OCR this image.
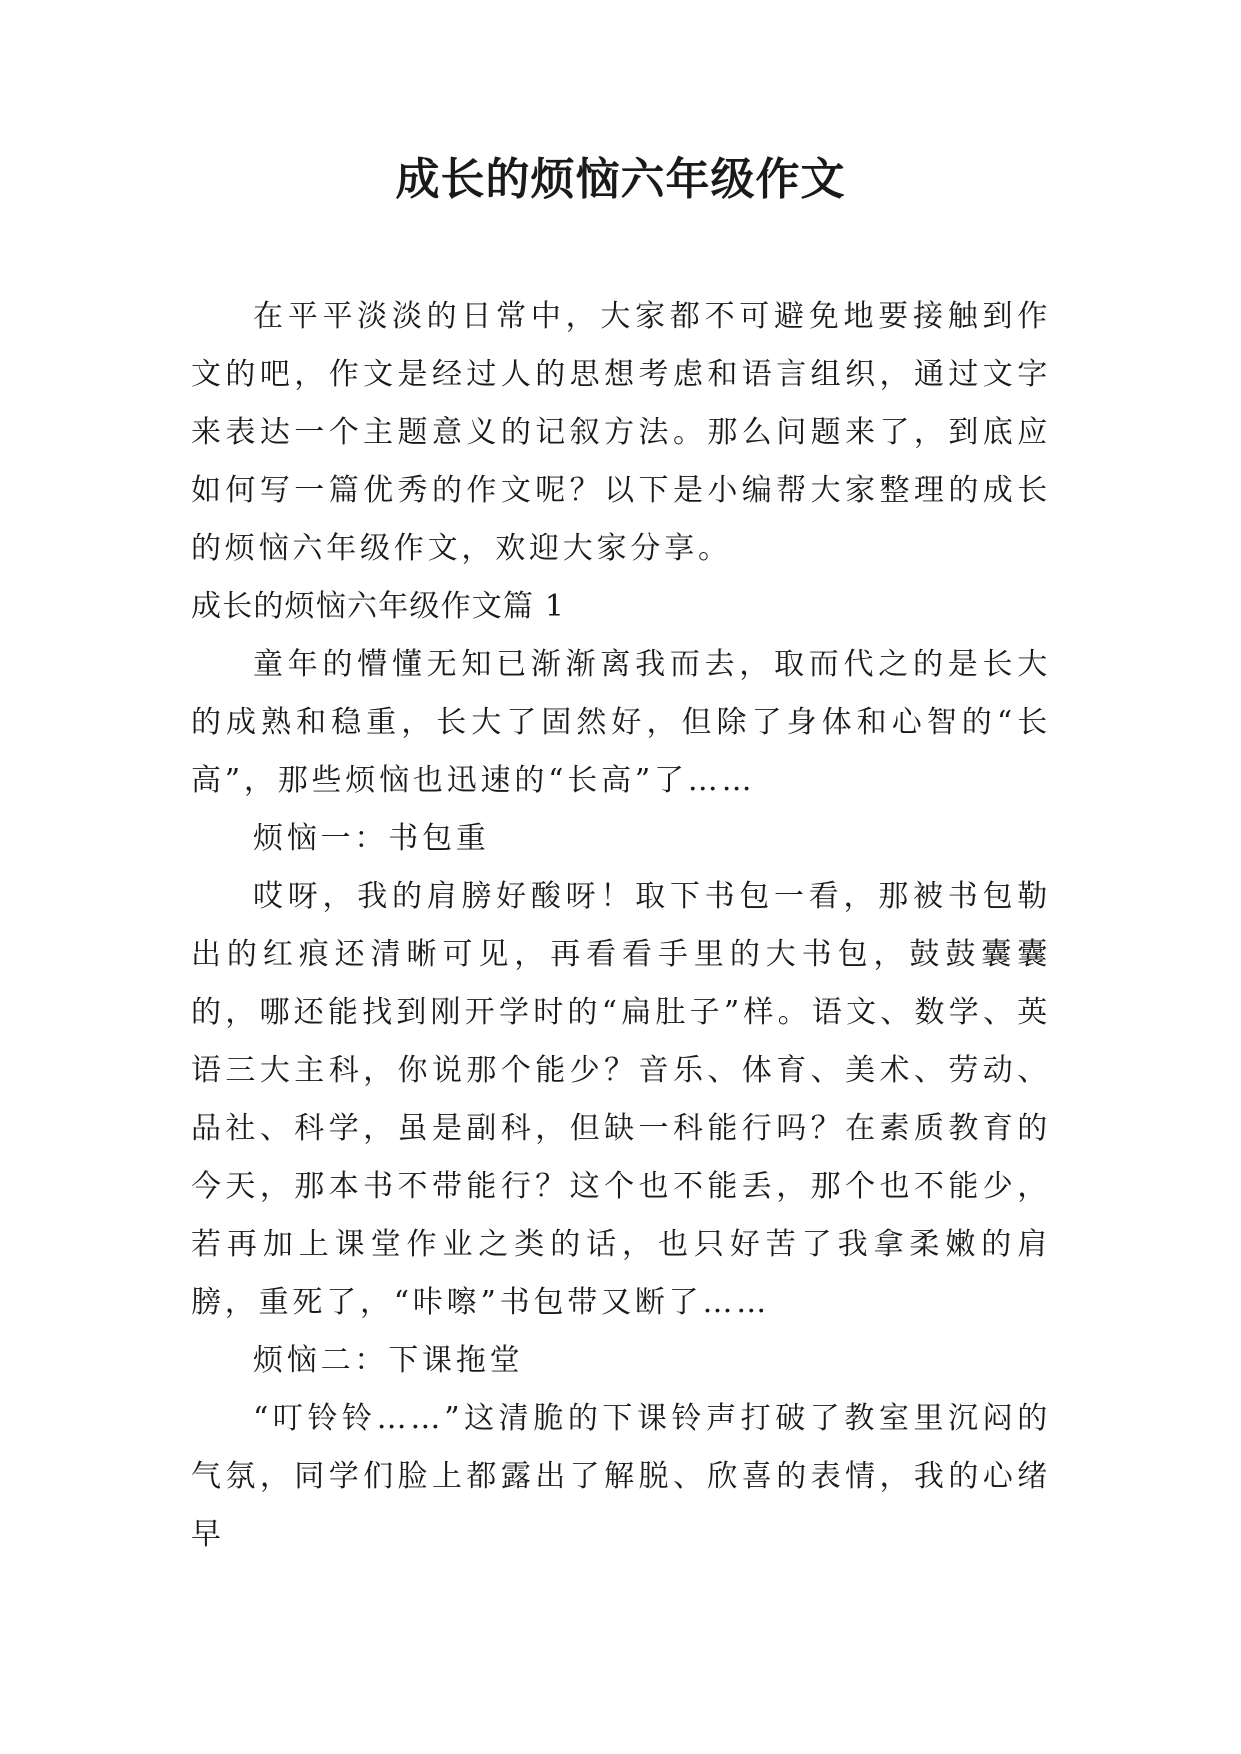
成长的烦恼六年级作文

在平平淡淡的日常中，大家都不可避免地要接触到作文的吧，作文是经过人的思想考虑和语言组织，通过文字来表达一个主题意义的记叙方法。那么问题来了，到底应如何写一篇优秀的作文呢？以下是小编帮大家整理的成长的烦恼六年级作文，欢迎大家分享。

成长的烦恼六年级作文篇 1

童年的懵懂无知已渐渐离我而去，取而代之的是长大的成熟和稳重，长大了固然好，但除了身体和心智的“长高”，那些烦恼也迅速的“长高”了……

烦恼一：书包重

哎呀，我的肩膀好酸呀！取下书包一看，那被书包勒出的红痕还清晰可见，再看看手里的大书包，鼓鼓囊囊的，哪还能找到刚开学时的“扁肚子”样。语文、数学、英语三大主科，你说那个能少？音乐、体育、美术、劳动、品社、科学，虽是副科，但缺一科能行吗？在素质教育的今天，那本书不带能行？这个也不能丢，那个也不能少，若再加上课堂作业之类的话，也只好苦了我拿柔嫩的肩膀，重死了，“咔嚓”书包带又断了……

烦恼二：下课拖堂

“叮铃铃……”这清脆的下课铃声打破了教室里沉闷的气氛，同学们脸上都露出了解脱、欣喜的表情，我的心绪早
